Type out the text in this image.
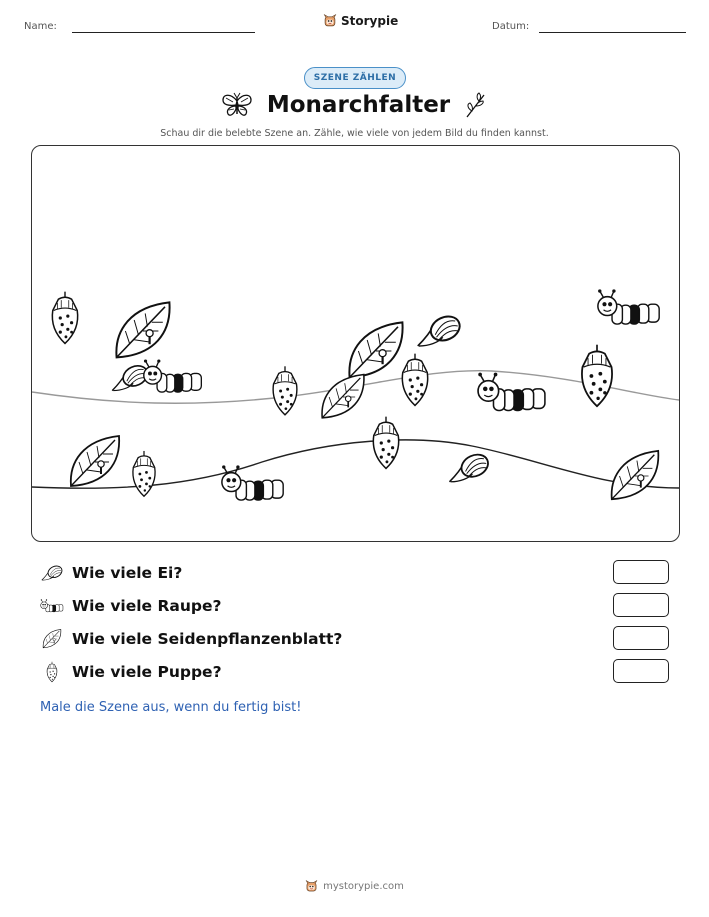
Name:	Storypie	Datum:
SZENE ZÄHLEN
Monarchfalter
Schau dir die belebte Szene an. Zähle, wie viele von jedem Bild du finden kannst.
Wie viele Ei?
Wie viele Raupe?
Wie viele Seidenpflanzenblatt?
Wie viele Puppe?
Male die Szene aus, wenn du fertig bist!
mystorypie.com
